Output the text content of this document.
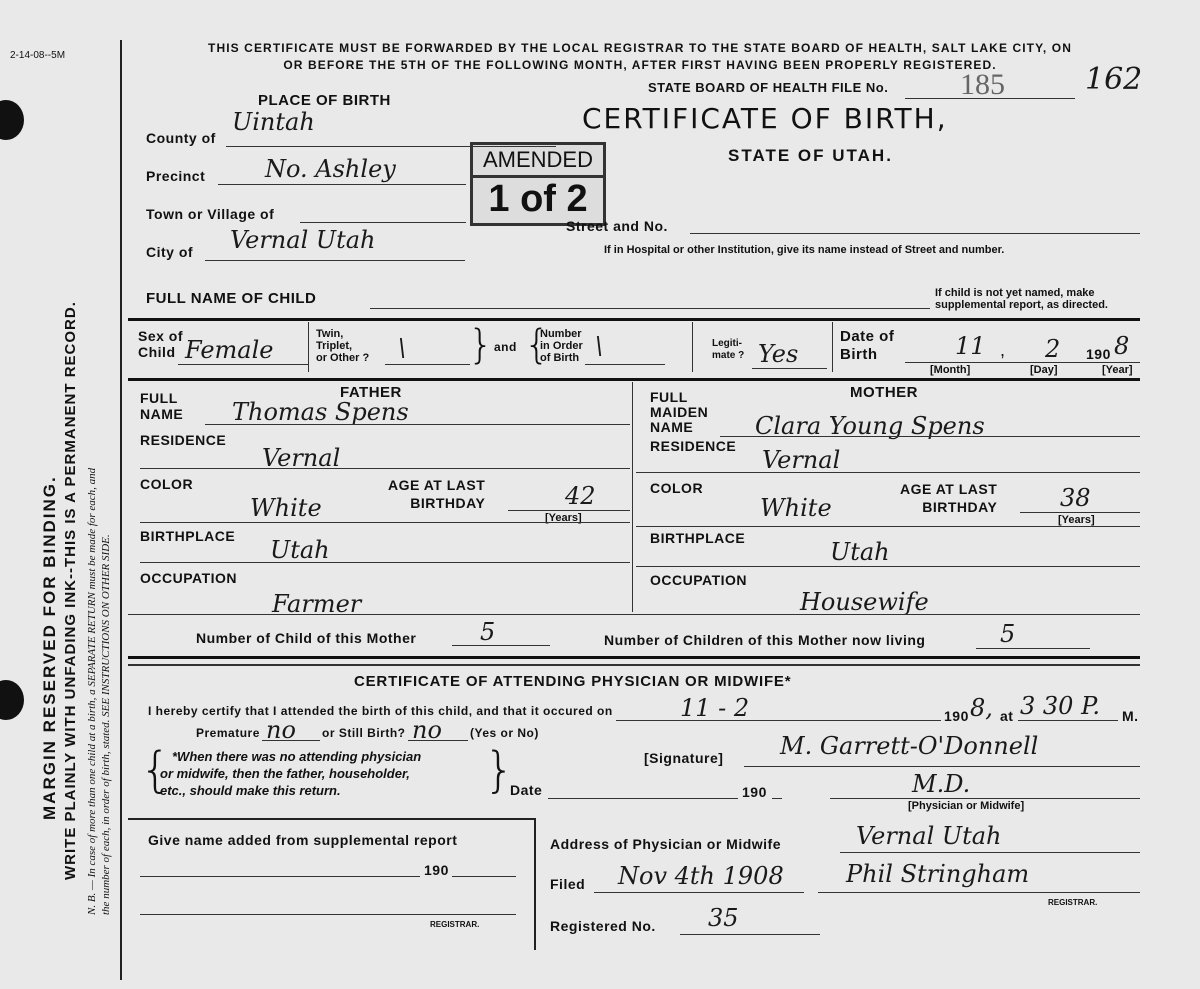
2-14-08--5M
MARGIN RESERVED FOR BINDING. WRITE PLAINLY WITH UNFADING INK--THIS IS A PERMANENT RECORD. N. B. — In case of more than one child at a birth, a SEPARATE RETURN must be made for each, and the number of each, in order of birth, stated. SEE INSTRUCTIONS ON OTHER SIDE.
THIS CERTIFICATE MUST BE FORWARDED BY THE LOCAL REGISTRAR TO THE STATE BOARD OF HEALTH, SALT LAKE CITY, ON
OR BEFORE THE 5TH OF THE FOLLOWING MONTH, AFTER FIRST HAVING BEEN PROPERLY REGISTERED.
STATE BOARD OF HEALTH FILE No. 185	162
CERTIFICATE OF BIRTH,
STATE OF UTAH.
AMENDED
1 of 2
PLACE OF BIRTH
County of
Uintah
Precinct No. Ashley
Town or Village of
City of Vernal Utah	Street and No.
If in Hospital or other Institution, give its name instead of Street and number.
FULL NAME OF CHILD	If child is not yet named, make
supplemental report, as directed.
Sex of
Child Female
Twin,
Triplet,
or Other ? \ } and {
Number
in Order
of Birth \	Legiti-
mate ? Yes
Date of
Birth	11 , 2 190 8
[Month]	[Day]	[Year]
FATHER
FULL
NAME Thomas Spens
RESIDENCE
Vernal
COLOR
White
AGE AT LAST
BIRTHDAY	42
[Years]
BIRTHPLACE Utah
OCCUPATION
Farmer
MOTHER
FULL
MAIDEN
NAME	Clara Young Spens
RESIDENCE Vernal
COLOR
White
AGE AT LAST
BIRTHDAY	38
[Years]
BIRTHPLACE	Utah
OCCUPATION
Housewife
Number of Child of this Mother	5	Number of Children of this Mother now living	5
CERTIFICATE OF ATTENDING PHYSICIAN OR MIDWIFE*
I hereby certify that I attended the birth of this child, and that it occured on	11 - 2	190 8, at 3 30 P. M.
Premature no or Still Birth? no (Yes or No)
{ *When there was no attending physician
or midwife, then the father, householder,
etc., should make this return.	}	[Signature] M. Garrett-O'Donnell
M.D.
Date	190
[Physician or Midwife]
Give name added from supplemental report
190
REGISTRAR.
Address of Physician or Midwife	Vernal Utah
Filed Nov 4th 1908	Phil Stringham
REGISTRAR.
Registered No. 35
